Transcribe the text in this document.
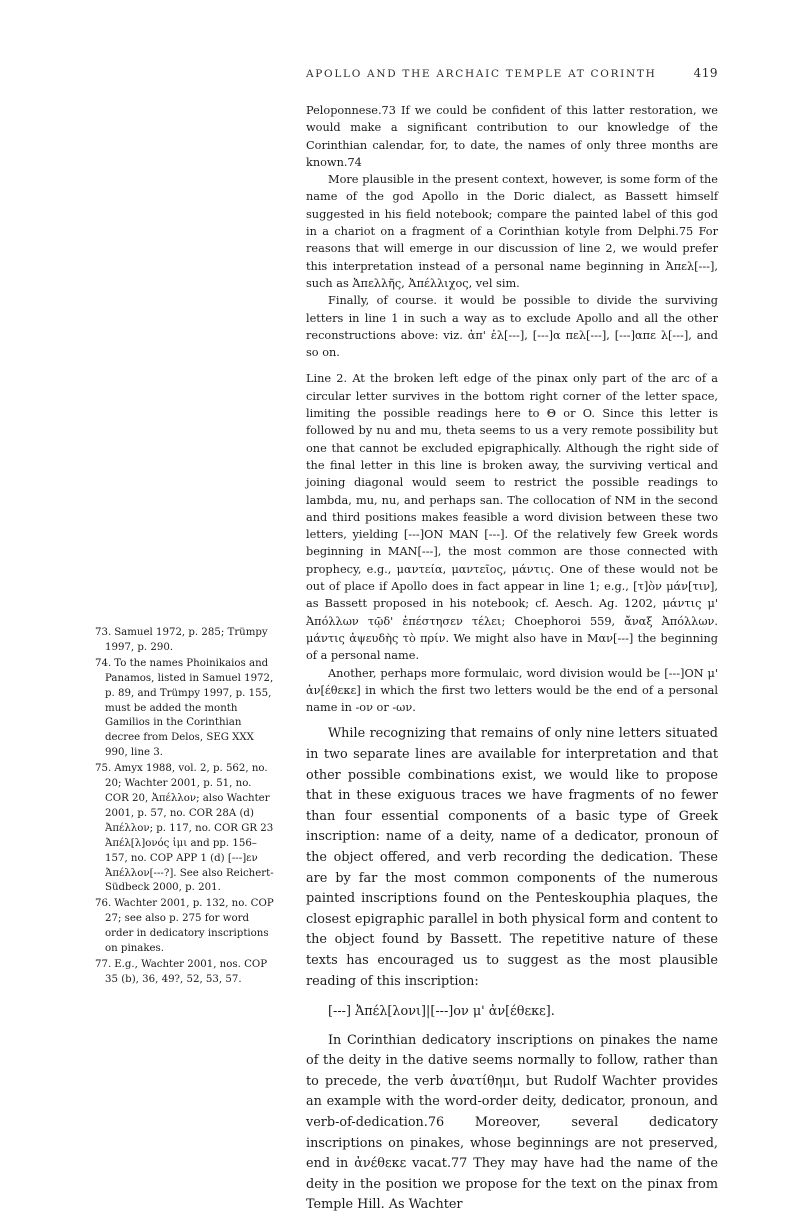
APOLLO AND THE ARCHAIC TEMPLE AT CORINTH	419

Peloponnese.73 If we could be confident of this latter restoration, we would make a significant contribution to our knowledge of the Corinthian calendar, for, to date, the names of only three months are known.74

More plausible in the present context, however, is some form of the name of the god Apollo in the Doric dialect, as Bassett himself suggested in his field notebook; compare the painted label of this god in a chariot on a fragment of a Corinthian kotyle from Delphi.75 For reasons that will emerge in our discussion of line 2, we would prefer this interpretation instead of a personal name beginning in Ἀπελ[---], such as Ἀπελλῆς, Ἀπέλλιχος, vel sim.

Finally, of course. it would be possible to divide the surviving letters in line 1 in such a way as to exclude Apollo and all the other reconstructions above: viz. ἀπ' ἐλ[---], [---]α πελ[---], [---]απε λ[---], and so on.

Line 2. At the broken left edge of the pinax only part of the arc of a circular letter survives in the bottom right corner of the letter space, limiting the possible readings here to Θ or O. Since this letter is followed by nu and mu, theta seems to us a very remote possibility but one that cannot be excluded epigraphically. Although the right side of the final letter in this line is broken away, the surviving vertical and joining diagonal would seem to restrict the possible readings to lambda, mu, nu, and perhaps san. The collocation of NM in the second and third positions makes feasible a word division between these two letters, yielding [---]ON MAN [---]. Of the relatively few Greek words beginning in MAN[---], the most common are those connected with prophecy, e.g., μαντεία, μαντεῖος, μάντις. One of these would not be out of place if Apollo does in fact appear in line 1; e.g., [τ]ὸν μάν[τιν], as Bassett proposed in his notebook; cf. Aesch. Ag. 1202, μάντις μ' Ἀπόλλων τῷδ' ἐπέστησεν τέλει; Choephoroi 559, ἄναξ Ἀπόλλων. μάντις ἀψευδὴς τὸ πρίν. We might also have in Μαν[---] the beginning of a personal name.

Another, perhaps more formulaic, word division would be [---]ON μ' ἀν[έθεκε] in which the first two letters would be the end of a personal name in -ον or -ων.

While recognizing that remains of only nine letters situated in two separate lines are available for interpretation and that other possible combinations exist, we would like to propose that in these exiguous traces we have fragments of no fewer than four essential components of a basic type of Greek inscription: name of a deity, name of a dedicator, pronoun of the object offered, and verb recording the dedication. These are by far the most common components of the numerous painted inscriptions found on the Penteskouphia plaques, the closest epigraphic parallel in both physical form and content to the object found by Bassett. The repetitive nature of these texts has encouraged us to suggest as the most plausible reading of this inscription:

[---] Ἀπέλ[λονι]|[---]ον μ' ἀν[έθεκε].

In Corinthian dedicatory inscriptions on pinakes the name of the deity in the dative seems normally to follow, rather than to precede, the verb ἀνατίθημι, but Rudolf Wachter provides an example with the word-order deity, dedicator, pronoun, and verb-of-dedication.76 Moreover, several dedicatory inscriptions on pinakes, whose beginnings are not preserved, end in ἀνέθεκε vacat.77 They may have had the name of the deity in the position we propose for the text on the pinax from Temple Hill. As Wachter

73. Samuel 1972, p. 285; Trümpy 1997, p. 290.

74. To the names Phoinikaios and Panamos, listed in Samuel 1972, p. 89, and Trümpy 1997, p. 155, must be added the month Gamilios in the Corinthian decree from Delos, SEG XXX 990, line 3.

75. Amyx 1988, vol. 2, p. 562, no. 20; Wachter 2001, p. 51, no. COR 20, Ἀπέλλον; also Wachter 2001, p. 57, no. COR 28A (d) Ἀπέλλον; p. 117, no. COR GR 23 Ἀπέλ[λ]ονός ἰμι and pp. 156–157, no. COP APP 1 (d) [---]εν Ἀπέλλον[---?]. See also Reichert-Südbeck 2000, p. 201.

76. Wachter 2001, p. 132, no. COP 27; see also p. 275 for word order in dedicatory inscriptions on pinakes.

77. E.g., Wachter 2001, nos. COP 35 (b), 36, 49?, 52, 53, 57.
